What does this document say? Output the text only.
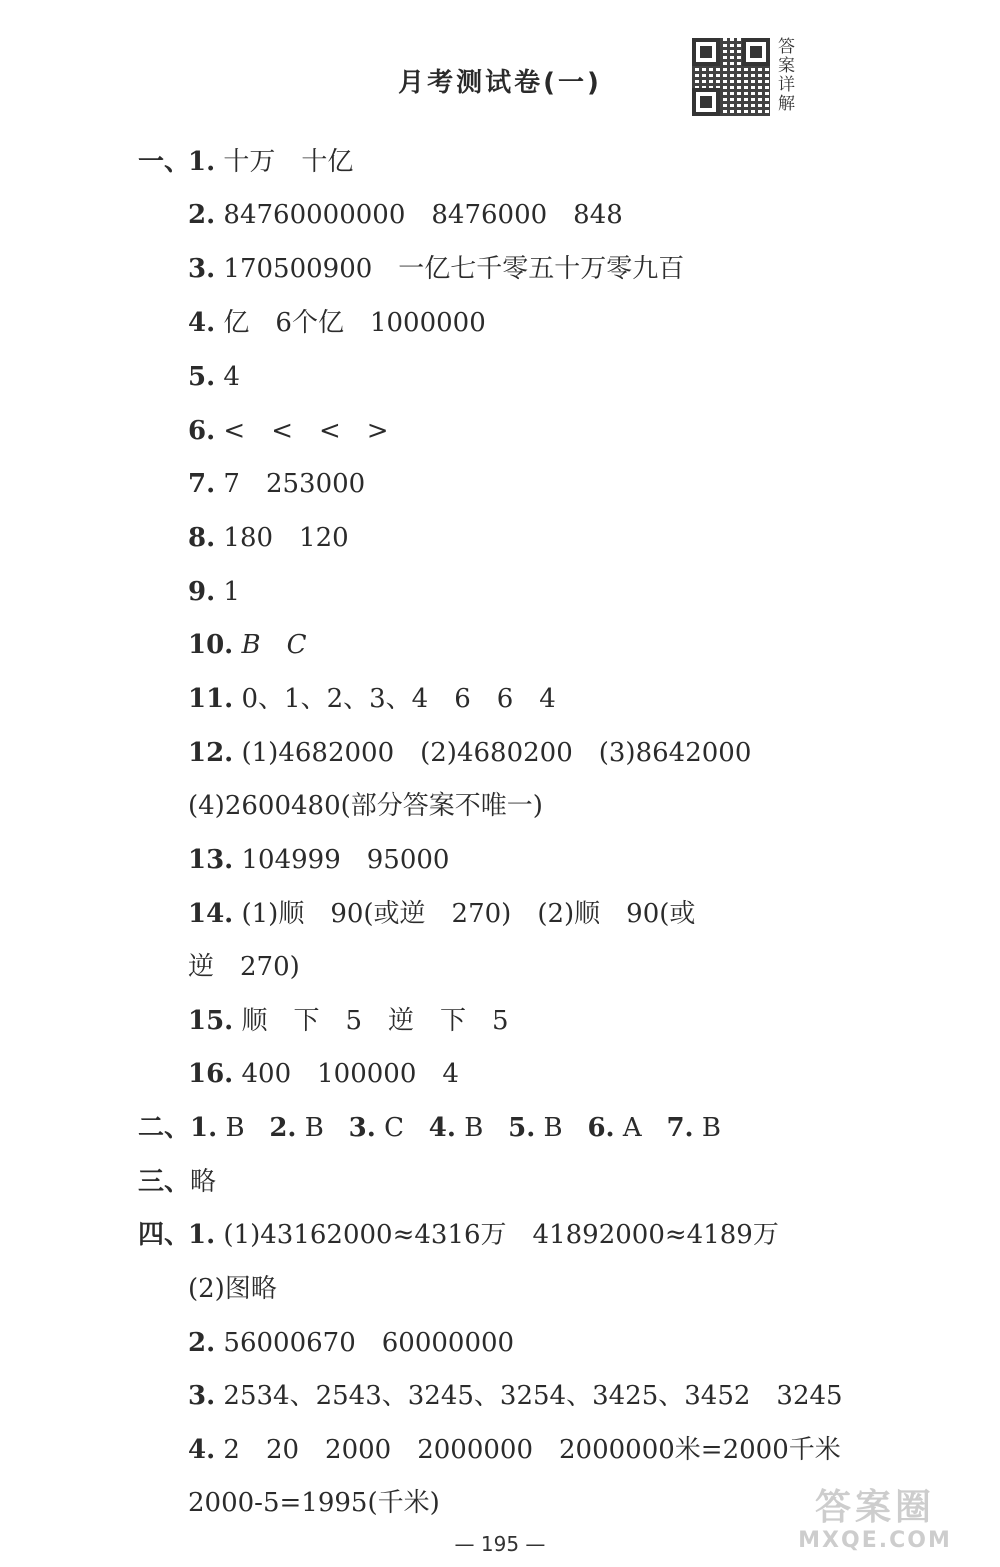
月考测试卷(一)
答案详解
一、
1. 十万　十亿
2. 84760000000　8476000　848
3. 170500900　一亿七千零五十万零九百
4. 亿　6个亿　1000000
5. 4
6. <　<　<　>
7. 7　253000
8. 180　120
9. 1
10. B　C
11. 0、1、2、3、4　6　6　4
12. (1)4682000　(2)4680200　(3)8642000
(4)2600480(部分答案不唯一)
13. 104999　95000
14. (1)顺　90(或逆　270)　(2)顺　90(或
逆　270)
15. 顺　下　5　逆　下　5
16. 400　100000　4
二、1. B 2. B 3. C 4. B 5. B 6. A 7. B
三、略
四、
1. (1)43162000≈4316万　41892000≈4189万
(2)图略
2. 56000670　60000000
3. 2534、2543、3245、3254、3425、3452　3245
4. 2　20　2000　2000000　2000000米=2000千米
2000-5=1995(千米)
— 195 —
答案圈
MXQE.COM
